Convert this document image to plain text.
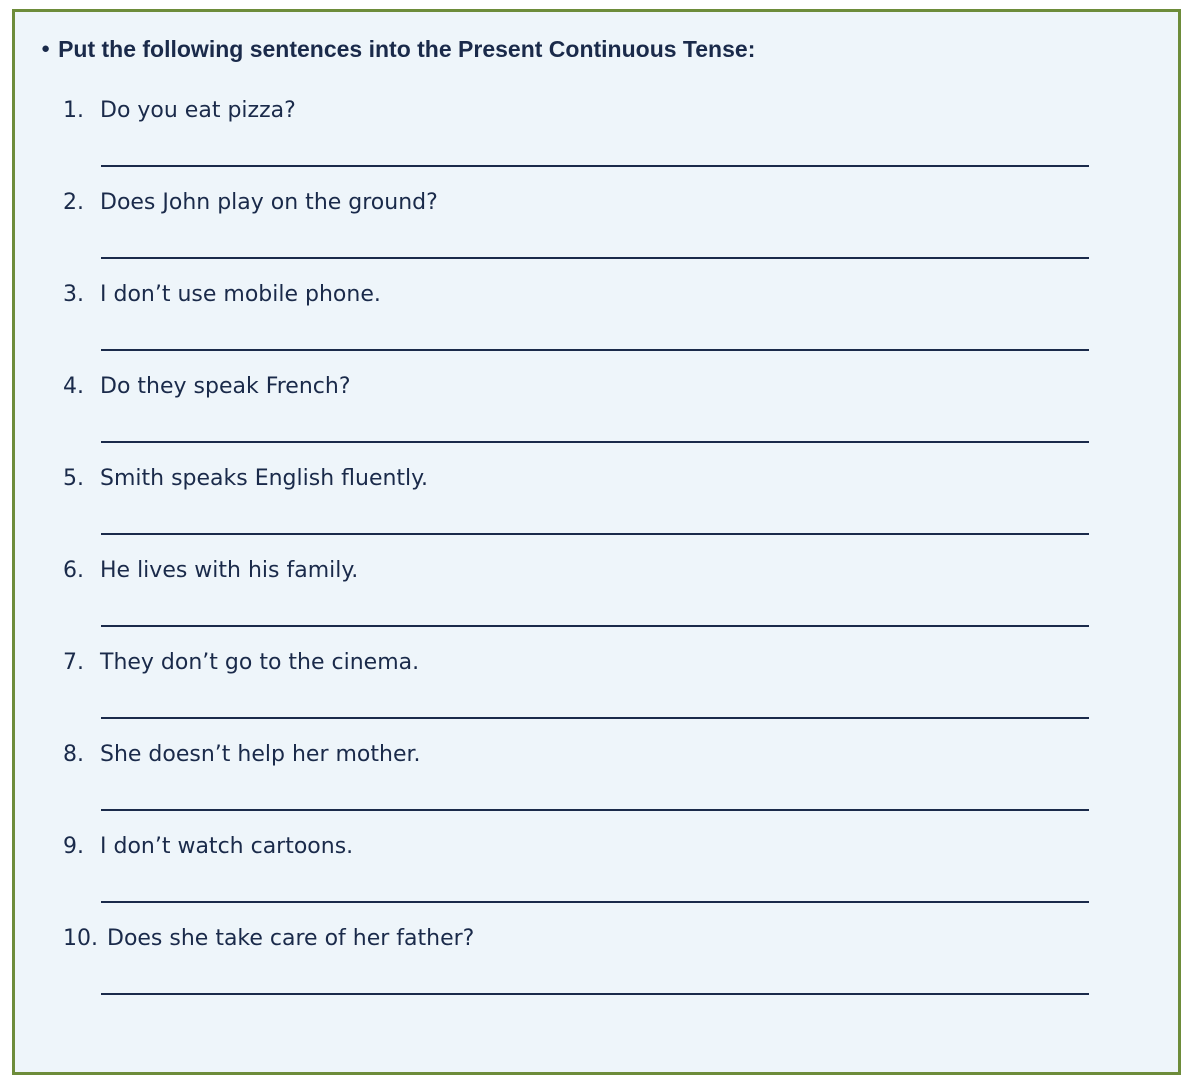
● Put the following sentences into the Present Continuous Tense:
1. Do you eat pizza?
2. Does John play on the ground?
3. I don’t use mobile phone.
4. Do they speak French?
5. Smith speaks English fluently.
6. He lives with his family.
7. They don’t go to the cinema.
8. She doesn’t help her mother.
9. I don’t watch cartoons.
10. Does she take care of her father?
